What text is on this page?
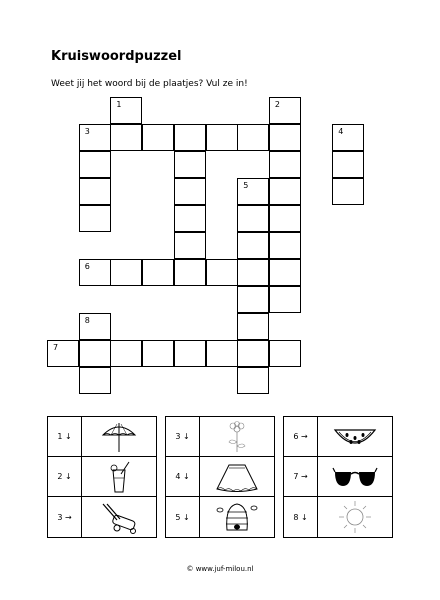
Kruiswoordpuzzel
Weet jij het woord bij de plaatjes? Vul ze in!
1
3	4
5
6
8
7
2
1 ↓
2 ↓
3 →
3 ↓
4 ↓
5 ↓
6 →
7 →
8 ↓
© www.juf-milou.nl
